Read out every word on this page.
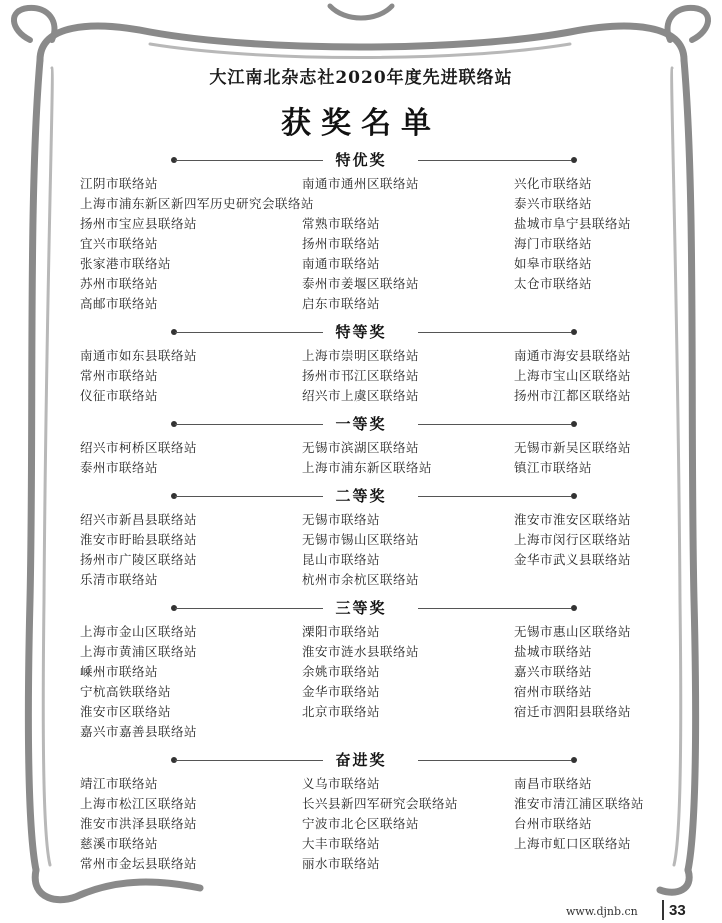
大江南北杂志社2020年度先进联络站
获奖名单
特优奖
江阴市联络站	南通市通州区联络站	兴化市联络站
上海市浦东新区新四军历史研究会联络站	泰兴市联络站
扬州市宝应县联络站	常熟市联络站	盐城市阜宁县联络站
宜兴市联络站	扬州市联络站	海门市联络站
张家港市联络站	南通市联络站	如皋市联络站
苏州市联络站	泰州市姜堰区联络站	太仓市联络站
高邮市联络站	启东市联络站
特等奖
南通市如东县联络站	上海市崇明区联络站	南通市海安县联络站
常州市联络站	扬州市邗江区联络站	上海市宝山区联络站
仪征市联络站	绍兴市上虞区联络站	扬州市江都区联络站
一等奖
绍兴市柯桥区联络站	无锡市滨湖区联络站	无锡市新吴区联络站
泰州市联络站	上海市浦东新区联络站	镇江市联络站
二等奖
绍兴市新昌县联络站	无锡市联络站	淮安市淮安区联络站
淮安市盱眙县联络站	无锡市锡山区联络站	上海市闵行区联络站
扬州市广陵区联络站	昆山市联络站	金华市武义县联络站
乐清市联络站	杭州市余杭区联络站
三等奖
上海市金山区联络站	溧阳市联络站	无锡市惠山区联络站
上海市黄浦区联络站	淮安市涟水县联络站	盐城市联络站
嵊州市联络站	余姚市联络站	嘉兴市联络站
宁杭高铁联络站	金华市联络站	宿州市联络站
淮安市区联络站	北京市联络站	宿迁市泗阳县联络站
嘉兴市嘉善县联络站
奋进奖
靖江市联络站	义乌市联络站	南昌市联络站
上海市松江区联络站	长兴县新四军研究会联络站	淮安市清江浦区联络站
淮安市洪泽县联络站	宁波市北仑区联络站	台州市联络站
慈溪市联络站	大丰市联络站	上海市虹口区联络站
常州市金坛县联络站	丽水市联络站
www.djnb.cn 33
